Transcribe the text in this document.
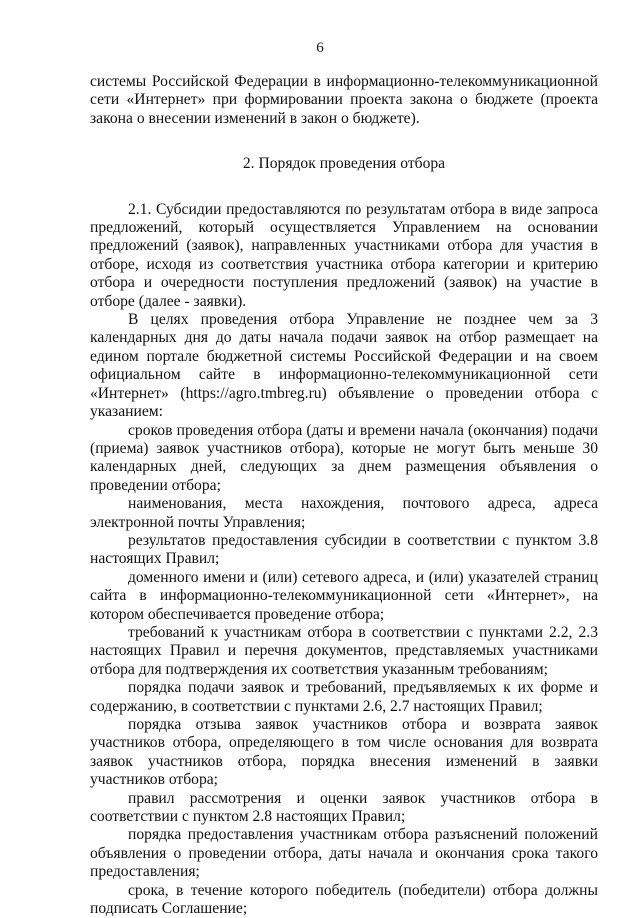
6

системы Российской Федерации в информационно-телекоммуникационной сети «Интернет» при формировании проекта закона о бюджете (проекта закона о внесении изменений в закон о бюджете).

2. Порядок проведения отбора

2.1. Субсидии предоставляются по результатам отбора в виде запроса предложений, который осуществляется Управлением на основании предложений (заявок), направленных участниками отбора для участия в отборе, исходя из соответствия участника отбора категории и критерию отбора и очередности поступления предложений (заявок) на участие в отборе (далее - заявки).

В целях проведения отбора Управление не позднее чем за 3 календарных дня до даты начала подачи заявок на отбор размещает на едином портале бюджетной системы Российской Федерации и на своем официальном сайте в информационно-телекоммуникационной сети «Интернет» (https://agro.tmbreg.ru) объявление о проведении отбора с указанием:

сроков проведения отбора (даты и времени начала (окончания) подачи (приема) заявок участников отбора), которые не могут быть меньше 30 календарных дней, следующих за днем размещения объявления о проведении отбора;

наименования, места нахождения, почтового адреса, адреса электронной почты Управления;

результатов предоставления субсидии в соответствии с пунктом 3.8 настоящих Правил;

доменного имени и (или) сетевого адреса, и (или) указателей страниц сайта в информационно-телекоммуникационной сети «Интернет», на котором обеспечивается проведение отбора;

требований к участникам отбора в соответствии с пунктами 2.2, 2.3 настоящих Правил и перечня документов, представляемых участниками отбора для подтверждения их соответствия указанным требованиям;

порядка подачи заявок и требований, предъявляемых к их форме и содержанию, в соответствии с пунктами 2.6, 2.7 настоящих Правил;

порядка отзыва заявок участников отбора и возврата заявок участников отбора, определяющего в том числе основания для возврата заявок участников отбора, порядка внесения изменений в заявки участников отбора;

правил рассмотрения и оценки заявок участников отбора в соответствии с пунктом 2.8 настоящих Правил;

порядка предоставления участникам отбора разъяснений положений объявления о проведении отбора, даты начала и окончания срока такого предоставления;

срока, в течение которого победитель (победители) отбора должны подписать Соглашение;
